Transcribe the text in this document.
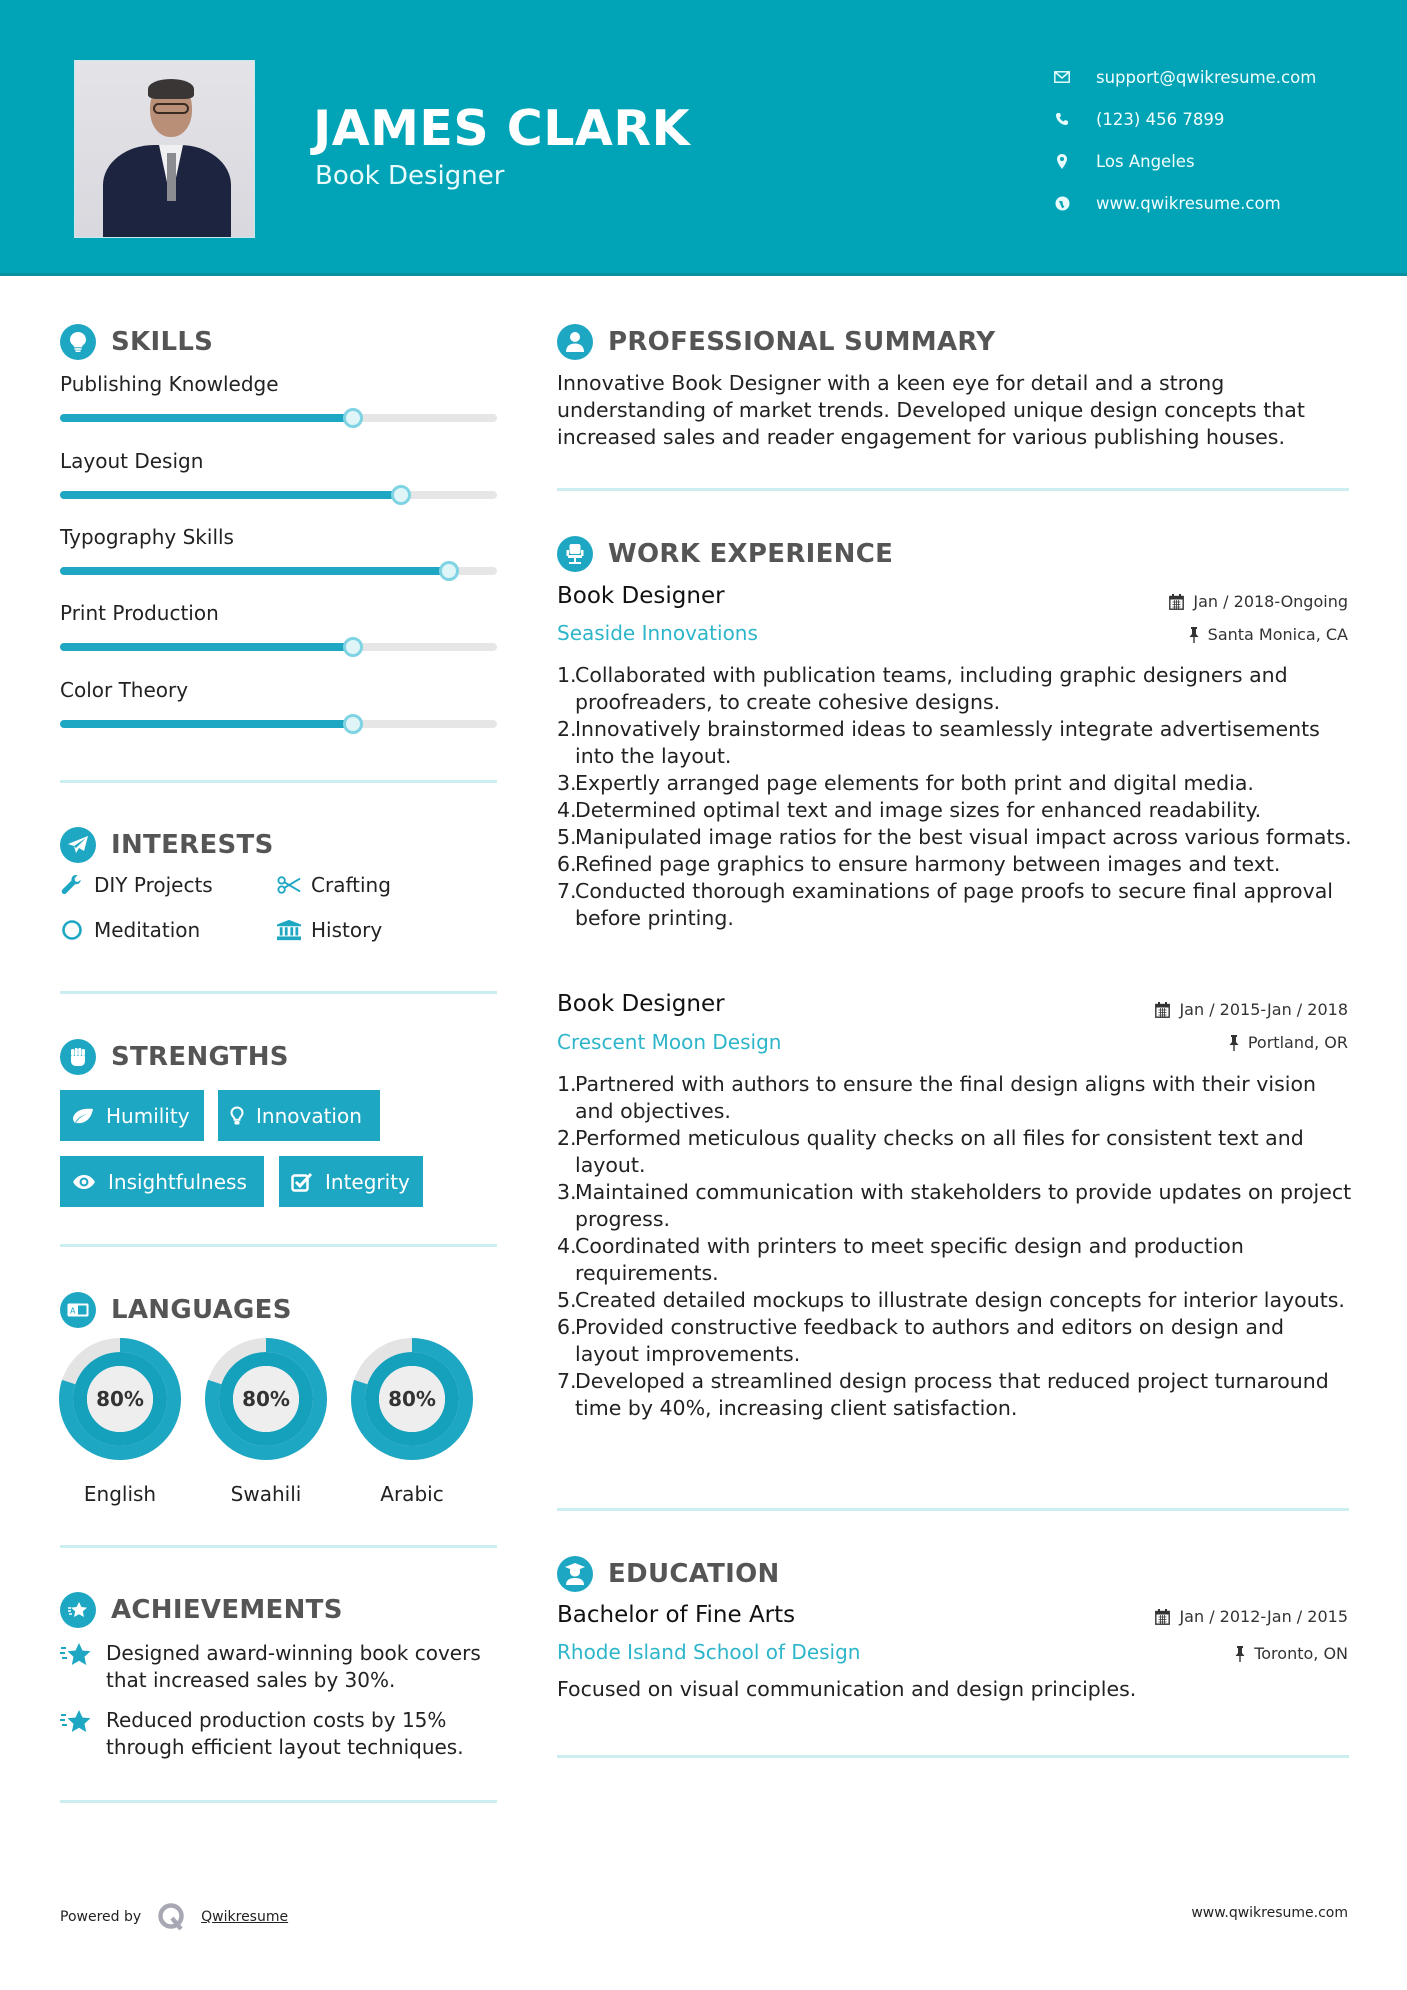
JAMES CLARK
Book Designer
support@qwikresume.com
(123) 456 7899
Los Angeles
www.qwikresume.com
SKILLS
Publishing Knowledge
Layout Design
Typography Skills
Print Production
Color Theory
INTERESTS
DIY Projects	Crafting
Meditation	History
STRENGTHS
Humility	Innovation
Insightfulness	Integrity
A LANGUAGES
80%
English
80%
Swahili
80%
Arabic
ACHIEVEMENTS
Designed award-winning book covers that increased sales by 30%.
Reduced production costs by 15% through efficient layout techniques.
PROFESSIONAL SUMMARY
Innovative Book Designer with a keen eye for detail and a strong understanding of market trends. Developed unique design concepts that increased sales and reader engagement for various publishing houses.
WORK EXPERIENCE
Book Designer	Jan / 2018-Ongoing
Seaside Innovations	Santa Monica, CA
1.
Collaborated with publication teams, including graphic designers and proofreaders, to create cohesive designs.
2.
Innovatively brainstormed ideas to seamlessly integrate advertisements into the layout.
3.
Expertly arranged page elements for both print and digital media.
4.
Determined optimal text and image sizes for enhanced readability.
5.
Manipulated image ratios for the best visual impact across various formats.
6.
Refined page graphics to ensure harmony between images and text.
7.
Conducted thorough examinations of page proofs to secure final approval before printing.
Book Designer	Jan / 2015-Jan / 2018
Crescent Moon Design	Portland, OR
1.
Partnered with authors to ensure the final design aligns with their vision and objectives.
2.
Performed meticulous quality checks on all files for consistent text and layout.
3.
Maintained communication with stakeholders to provide updates on project progress.
4.
Coordinated with printers to meet specific design and production requirements.
5.
Created detailed mockups to illustrate design concepts for interior layouts.
6.
Provided constructive feedback to authors and editors on design and layout improvements.
7.
Developed a streamlined design process that reduced project turnaround time by 40%, increasing client satisfaction.
EDUCATION
Bachelor of Fine Arts	Jan / 2012-Jan / 2015
Rhode Island School of Design	Toronto, ON
Focused on visual communication and design principles.
Powered by	Qwikresume	www.qwikresume.com
